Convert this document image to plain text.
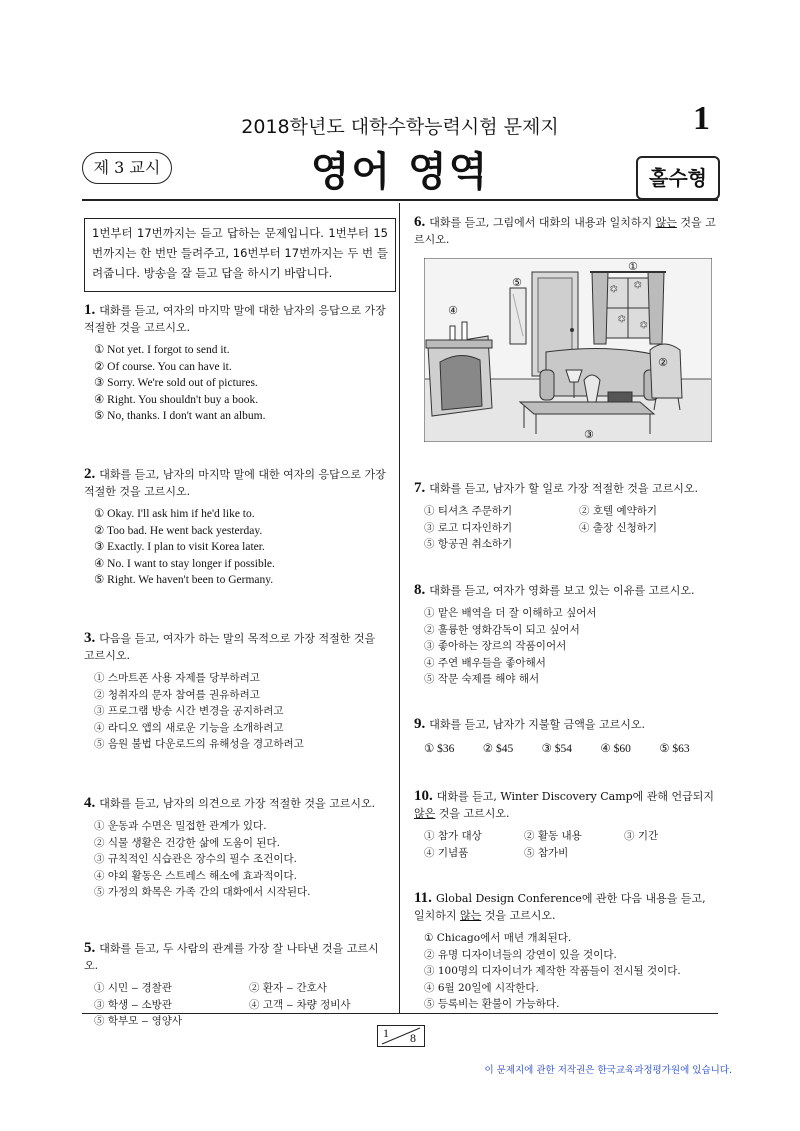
2018학년도 대학수학능력시험 문제지	1
제 3 교시	영어 영역	홀수형
1번부터 17번까지는 듣고 답하는 문제입니다. 1번부터 15번까지는 한 번만 들려주고, 16번부터 17번까지는 두 번 들려줍니다. 방송을 잘 듣고 답을 하시기 바랍니다.
1. 대화를 듣고, 여자의 마지막 말에 대한 남자의 응답으로 가장 적절한 것을 고르시오.
① Not yet. I forgot to send it.
② Of course. You can have it.
③ Sorry. We're sold out of pictures.
④ Right. You shouldn't buy a book.
⑤ No, thanks. I don't want an album.
2. 대화를 듣고, 남자의 마지막 말에 대한 여자의 응답으로 가장 적절한 것을 고르시오.
① Okay. I'll ask him if he'd like to.
② Too bad. He went back yesterday.
③ Exactly. I plan to visit Korea later.
④ No. I want to stay longer if possible.
⑤ Right. We haven't been to Germany.
3. 다음을 듣고, 여자가 하는 말의 목적으로 가장 적절한 것을 고르시오.
① 스마트폰 사용 자제를 당부하려고
② 청취자의 문자 참여를 권유하려고
③ 프로그램 방송 시간 변경을 공지하려고
④ 라디오 앱의 새로운 기능을 소개하려고
⑤ 음원 불법 다운로드의 유해성을 경고하려고
4. 대화를 듣고, 남자의 의견으로 가장 적절한 것을 고르시오.
① 운동과 수면은 밀접한 관계가 있다.
② 식물 생활은 건강한 삶에 도움이 된다.
③ 규칙적인 식습관은 장수의 필수 조건이다.
④ 야외 활동은 스트레스 해소에 효과적이다.
⑤ 가정의 화목은 가족 간의 대화에서 시작된다.
5. 대화를 듣고, 두 사람의 관계를 가장 잘 나타낸 것을 고르시오.
① 시민 ‒ 경찰관	② 환자 ‒ 간호사
③ 학생 ‒ 소방관	④ 고객 ‒ 차량 정비사
⑤ 학부모 ‒ 영양사
6. 대화를 듣고, 그림에서 대화의 내용과 일치하지 않는 것을 고르시오.
✱ ✱
✱
✱
①
②
③
④
⑤
7. 대화를 듣고, 남자가 할 일로 가장 적절한 것을 고르시오.
① 티셔츠 주문하기	② 호텔 예약하기
③ 로고 디자인하기	④ 출장 신청하기
⑤ 항공권 취소하기
8. 대화를 듣고, 여자가 영화를 보고 있는 이유를 고르시오.
① 맡은 배역을 더 잘 이해하고 싶어서
② 훌륭한 영화감독이 되고 싶어서
③ 좋아하는 장르의 작품이어서
④ 주연 배우들을 좋아해서
⑤ 작문 숙제를 해야 해서
9. 대화를 듣고, 남자가 지불할 금액을 고르시오.
① $36	② $45	③ $54	④ $60	⑤ $63
10. 대화를 듣고, Winter Discovery Camp에 관해 언급되지 않은 것을 고르시오.
① 참가 대상	② 활동 내용	③ 기간
④ 기념품	⑤ 참가비
11. Global Design Conference에 관한 다음 내용을 듣고, 일치하지 않는 것을 고르시오.
① Chicago에서 매년 개최된다.
② 유명 디자이너들의 강연이 있을 것이다.
③ 100명의 디자이너가 제작한 작품들이 전시될 것이다.
④ 6월 20일에 시작한다.
⑤ 등록비는 환불이 가능하다.
1 8
이 문제지에 관한 저작권은 한국교육과정평가원에 있습니다.
